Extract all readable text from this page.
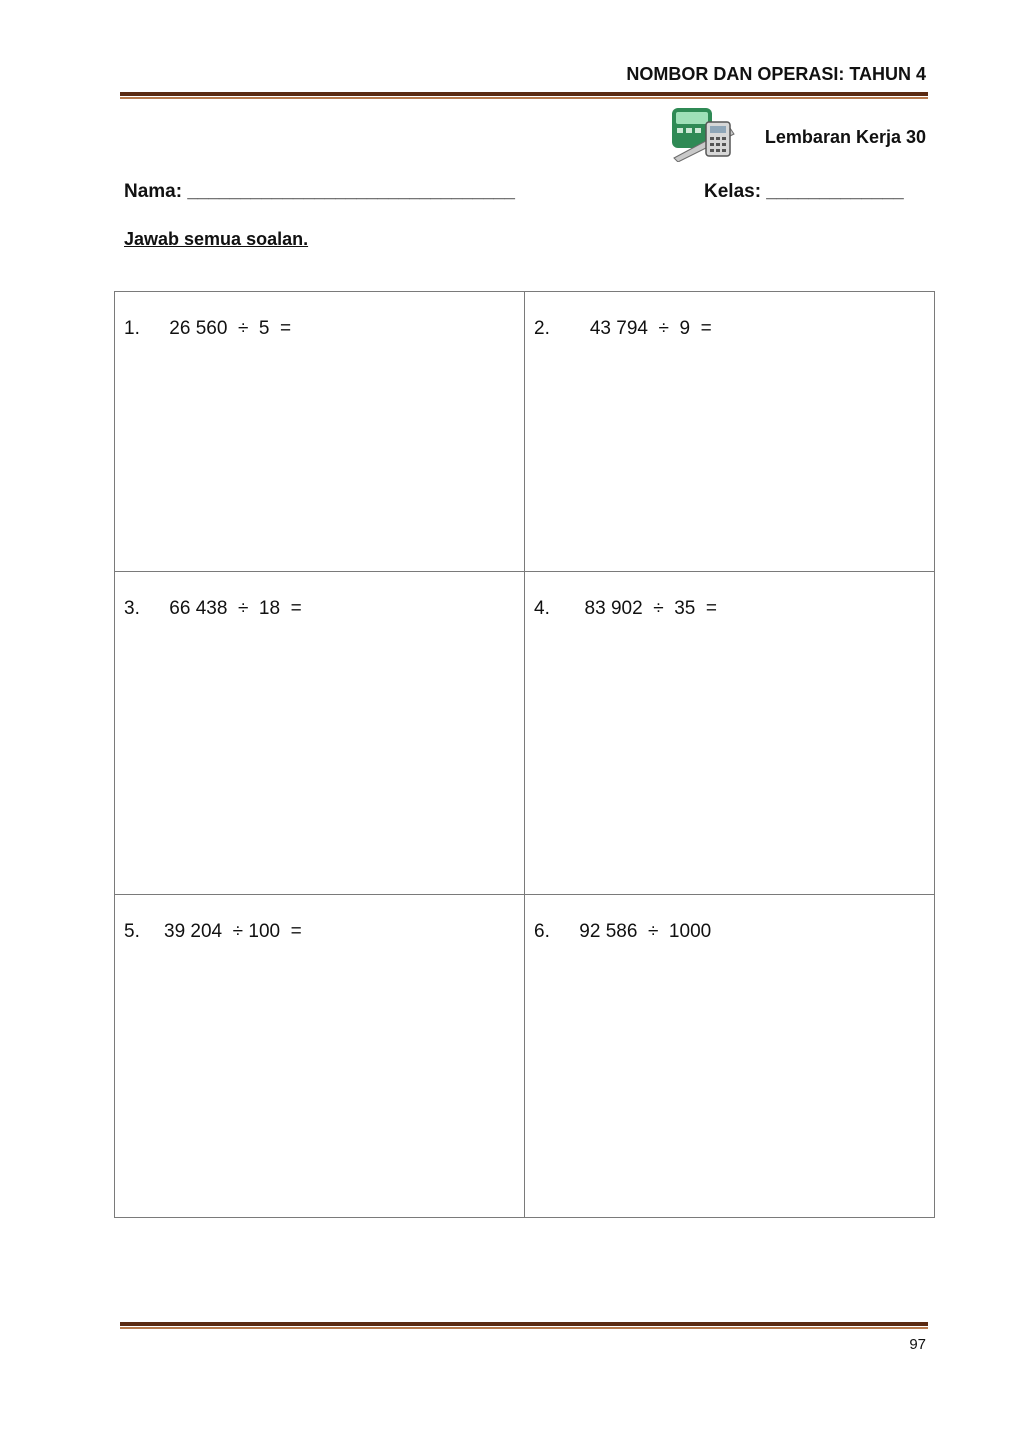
NOMBOR DAN OPERASI: TAHUN 4
Lembaran Kerja 30
Nama: _______________________________	Kelas: _____________
Jawab semua soalan.
1. 26 560  ÷  5  =	2.   43 794  ÷  9  =
3. 66 438  ÷  18  =	4.  83 902  ÷  35  =
5. 39 204  ÷ 100  =	6. 92 586  ÷  1000
97
